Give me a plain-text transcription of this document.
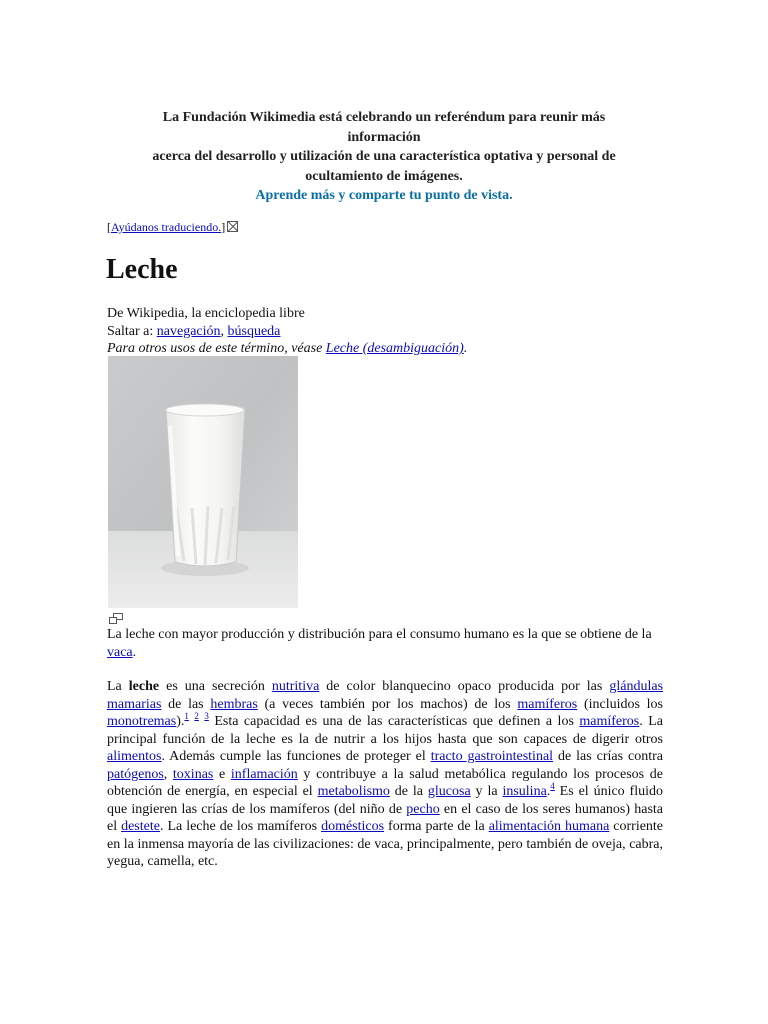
La Fundación Wikimedia está celebrando un referéndum para reunir más información
acerca del desarrollo y utilización de una característica optativa y personal de ocultamiento de imágenes.
Aprende más y comparte tu punto de vista.
[Ayúdanos traduciendo.]
Leche
De Wikipedia, la enciclopedia libre
Saltar a: navegación, búsqueda
Para otros usos de este término, véase Leche (desambiguación).
La leche con mayor producción y distribución para el consumo humano es la que se obtiene de la vaca.
La leche es una secreción nutritiva de color blanquecino opaco producida por las glándulas mamarias de las hembras (a veces también por los machos) de los mamíferos (incluidos los monotremas).$^1$ $^2$ $^3$ Esta capacidad es una de las características que definen a los mamíferos. La principal función de la leche es la de nutrir a los hijos hasta que son capaces de digerir otros alimentos. Además cumple las funciones de proteger el tracto gastrointestinal de las crías contra patógenos, toxinas e inflamación y contribuye a la salud metabólica regulando los procesos de obtención de energía, en especial el metabolismo de la glucosa y la insulina.$^4$ Es el único fluido que ingieren las crías de los mamíferos (del niño de pecho en el caso de los seres humanos) hasta el destete. La leche de los mamíferos domésticos forma parte de la alimentación humana corriente en la inmensa mayoría de las civilizaciones: de vaca, principalmente, pero también de oveja, cabra, yegua, camella, etc.
